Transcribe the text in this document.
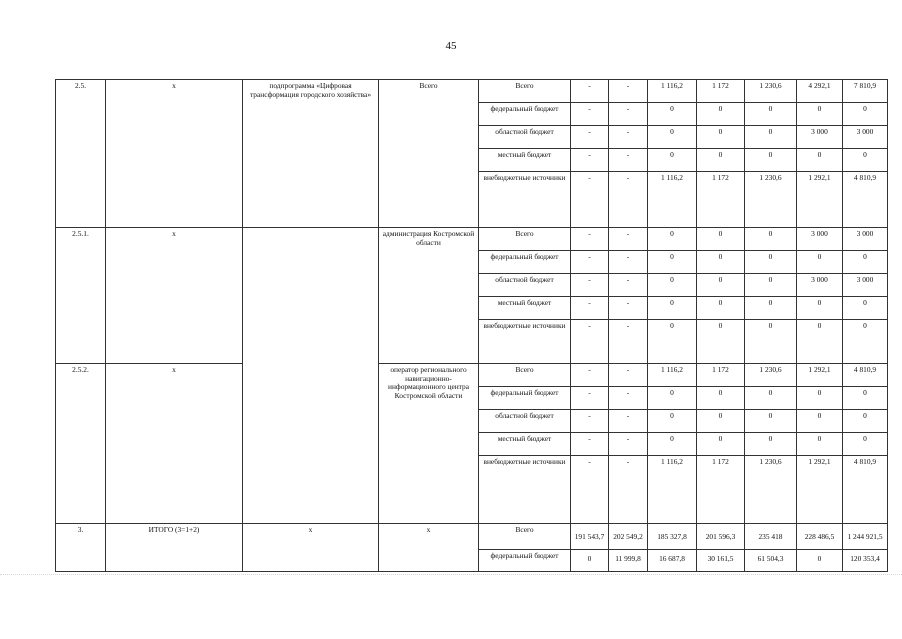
45
2.5.	x	подпрограмма «Цифровая трансформация городского хозяйства»	Всего	Всего	-	-	1 116,2	1 172	1 230,6	4 292,1	7 810,9
				федеральный бюджет	-	-	0	0	0	0	0
				областной бюджет	-	-	0	0	0	3 000	3 000
				местный бюджет	-	-	0	0	0	0	0
				внебюджетные источники	-	-	1 116,2	1 172	1 230,6	1 292,1	4 810,9
2.5.1.	x		администрация Костромской области	Всего	-	-	0	0	0	3 000	3 000
				федеральный бюджет	-	-	0	0	0	0	0
				областной бюджет	-	-	0	0	0	3 000	3 000
				местный бюджет	-	-	0	0	0	0	0
				внебюджетные источники	-	-	0	0	0	0	0
2.5.2.	x		оператор регионального навигационно-информационного центра Костромской области	Всего	-	-	1 116,2	1 172	1 230,6	1 292,1	4 810,9
				федеральный бюджет	-	-	0	0	0	0	0
				областной бюджет	-	-	0	0	0	0	0
				местный бюджет	-	-	0	0	0	0	0
				внебюджетные источники	-	-	1 116,2	1 172	1 230,6	1 292,1	4 810,9
3.	ИТОГО (3=1+2)	x	x	Всего	191 543,7	202 549,2	185 327,8	201 596,3	235 418	228 486,5	1 244 921,5
				федеральный бюджет	0	11 999,8	16 687,8	30 161,5	61 504,3	0	120 353,4
